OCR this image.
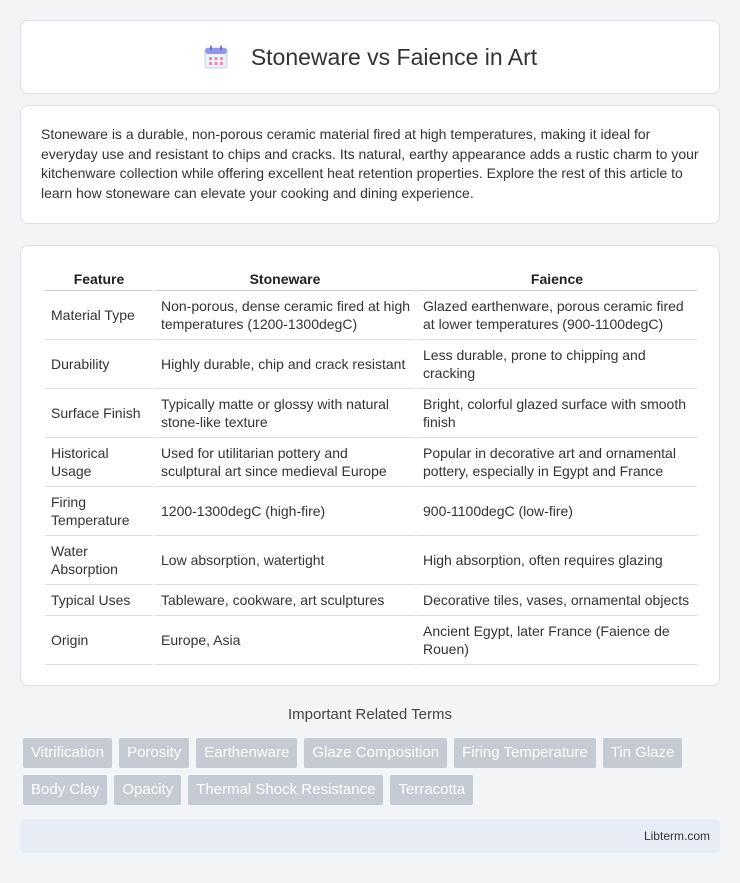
Stoneware vs Faience in Art

Stoneware is a durable, non-porous ceramic material fired at high temperatures, making it ideal for everyday use and resistant to chips and cracks. Its natural, earthy appearance adds a rustic charm to your kitchenware collection while offering excellent heat retention properties. Explore the rest of this article to learn how stoneware can elevate your cooking and dining experience.

Feature	Stoneware	Faience
Material Type	Non-porous, dense ceramic fired at high temperatures (1200-1300degC)	Glazed earthenware, porous ceramic fired at lower temperatures (900-1100degC)
Durability	Highly durable, chip and crack resistant	Less durable, prone to chipping and cracking
Surface Finish	Typically matte or glossy with natural stone-like texture	Bright, colorful glazed surface with smooth finish
Historical Usage	Used for utilitarian pottery and sculptural art since medieval Europe	Popular in decorative art and ornamental pottery, especially in Egypt and France
Firing Temperature	1200-1300degC (high-fire)	900-1100degC (low-fire)
Water Absorption	Low absorption, watertight	High absorption, often requires glazing
Typical Uses	Tableware, cookware, art sculptures	Decorative tiles, vases, ornamental objects
Origin	Europe, Asia	Ancient Egypt, later France (Faience de Rouen)
Important Related Terms
Vitrification	Porosity	Earthenware	Glaze Composition	Firing Temperature	Tin Glaze
Body Clay	Opacity	Thermal Shock Resistance	Terracotta
Libterm.com
